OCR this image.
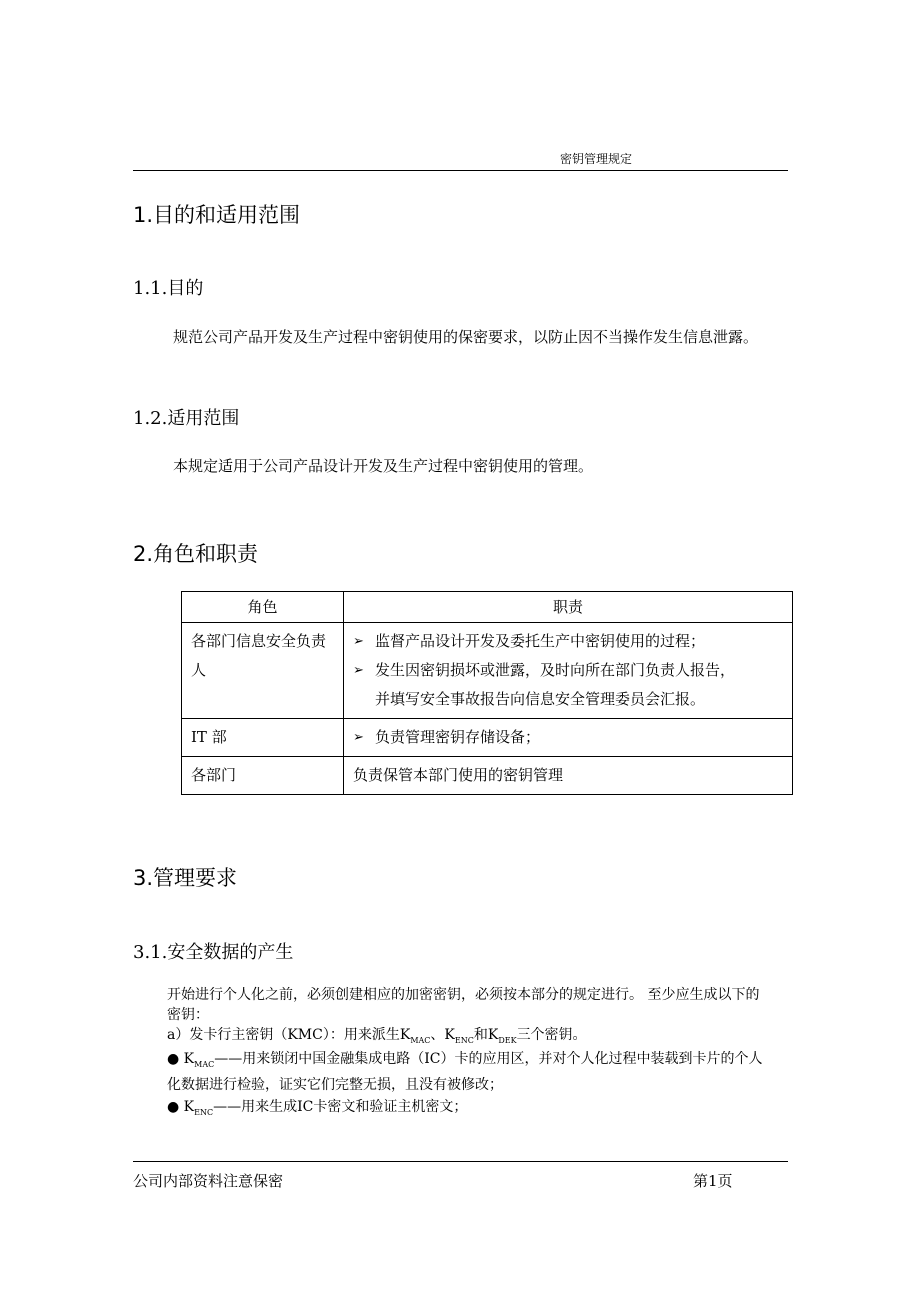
密钥管理规定
1.目的和适用范围
1.1.目的
规范公司产品开发及生产过程中密钥使用的保密要求，以防止因不当操作发生信息泄露。
1.2.适用范围
本规定适用于公司产品设计开发及生产过程中密钥使用的管理。
2.角色和职责
角色	职责
各部门信息安全负责人	➢ 监督产品设计开发及委托生产中密钥使用的过程；
➢ 发生因密钥损坏或泄露，及时向所在部门负责人报告，并填写安全事故报告向信息安全管理委员会汇报。

IT 部	➢ 负责管理密钥存储设备；

各部门	负责保管本部门使用的密钥管理
3.管理要求
3.1.安全数据的产生
开始进行个人化之前，必须创建相应的加密密钥，必须按本部分的规定进行。 至少应生成以下的密钥：
a）发卡行主密钥（KMC）：用来派生$K_{MAC}$、$K_{ENC}$和$K_{DEK}$三个密钥。
● $K_{MAC}——$用来锁闭中国金融集成电路（IC）卡的应用区，并对个人化过程中装载到卡片的个人化数据进行检验，证实它们完整无损，且没有被修改；
● $K_{ENC}——$用来生成IC卡密文和验证主机密文；
公司内部资料注意保密	第1页
